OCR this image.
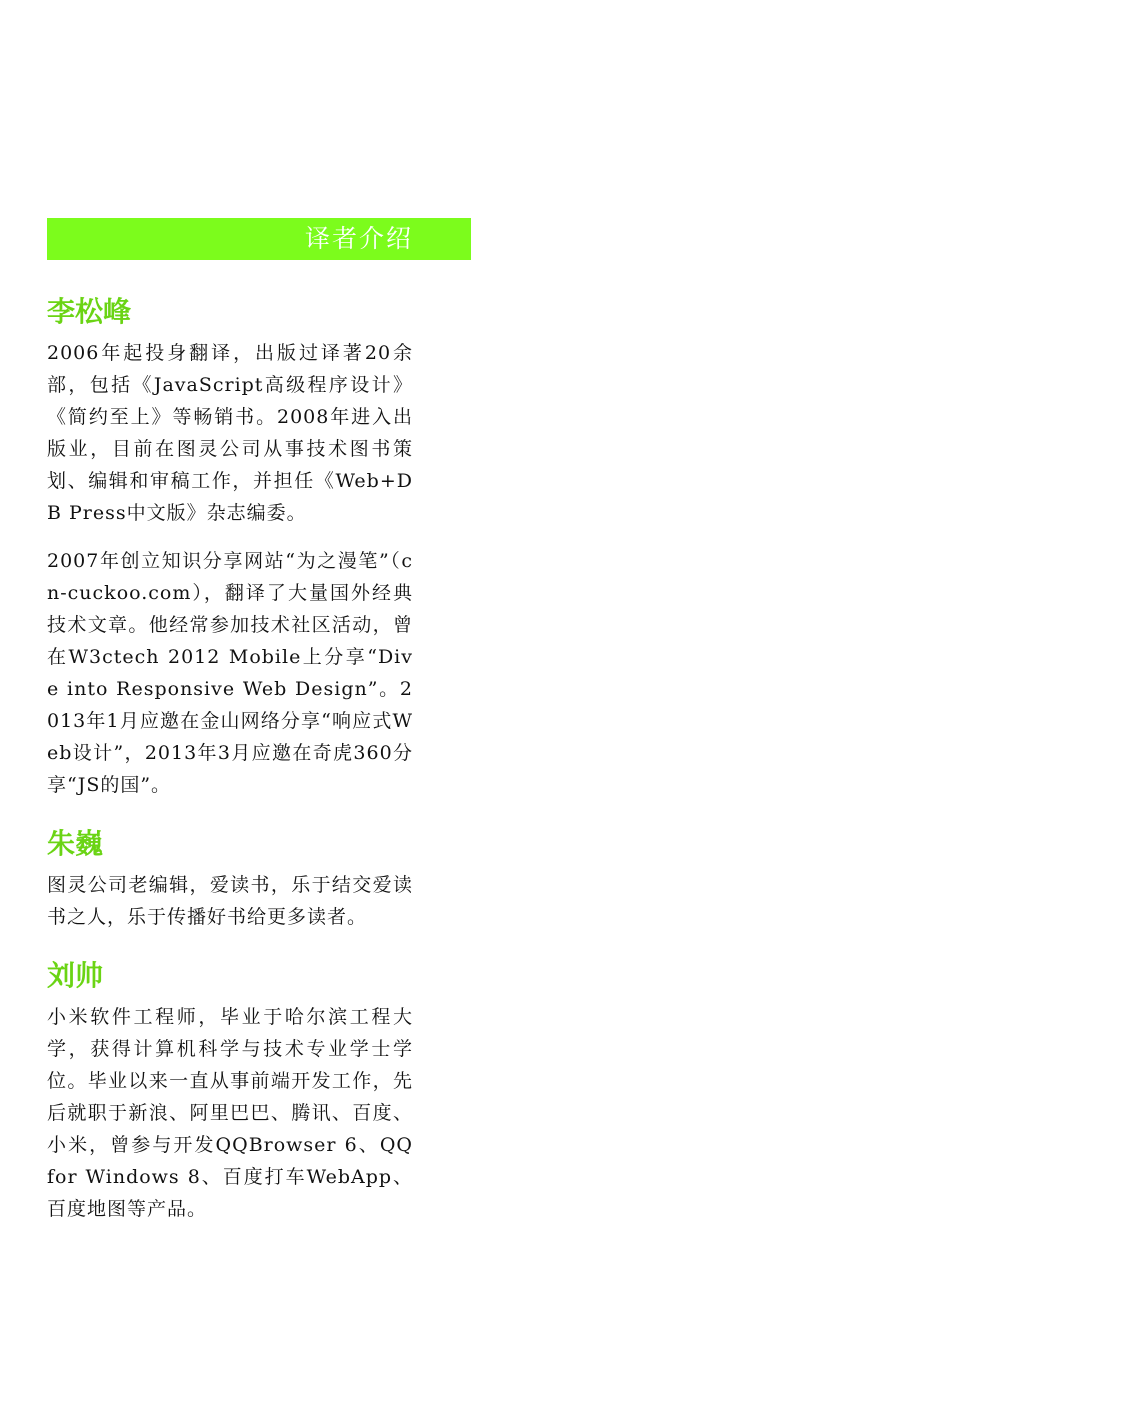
译者介绍
李松峰

2006年起投身翻译，出版过译著20余部，包括《JavaScript高级程序设计》《简约至上》等畅销书。2008年进入出版业，目前在图灵公司从事技术图书策划、编辑和审稿工作，并担任《Web+DB Press中文版》杂志编委。

2007年创立知识分享网站“为之漫笔”（cn-cuckoo.com），翻译了大量国外经典技术文章。他经常参加技术社区活动，曾在W3ctech 2012 Mobile上分享“Dive into Responsive Web Design”。2013年1月应邀在金山网络分享“响应式Web设计”，2013年3月应邀在奇虎360分享“JS的国”。

朱巍

图灵公司老编辑，爱读书，乐于结交爱读书之人，乐于传播好书给更多读者。

刘帅

小米软件工程师，毕业于哈尔滨工程大学，获得计算机科学与技术专业学士学位。毕业以来一直从事前端开发工作，先后就职于新浪、阿里巴巴、腾讯、百度、小米，曾参与开发QQBrowser 6、QQ for Windows 8、百度打车WebApp、百度地图等产品。
